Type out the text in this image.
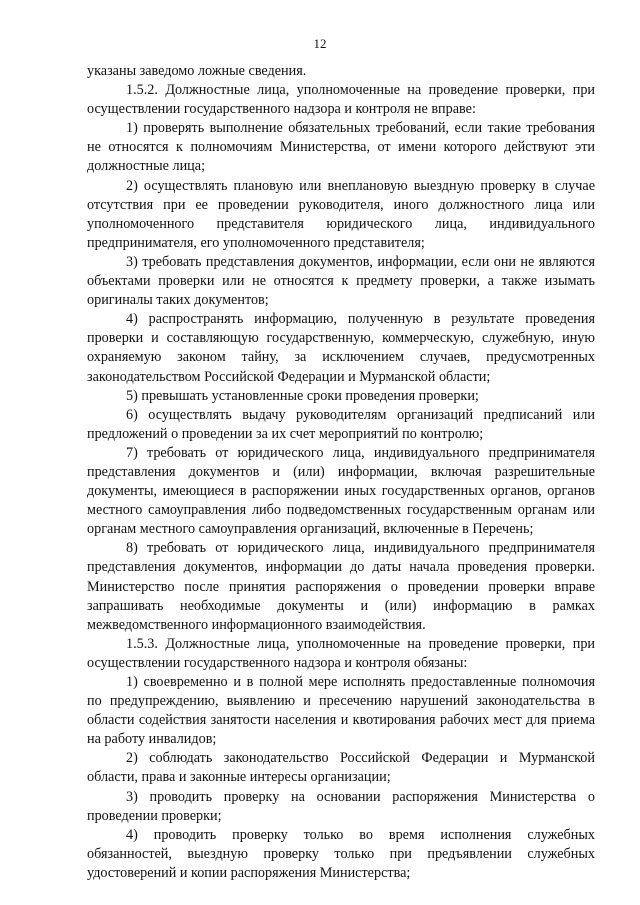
12

указаны заведомо ложные сведения.

1.5.2. Должностные лица, уполномоченные на проведение проверки, при осуществлении государственного надзора и контроля не вправе:

1) проверять выполнение обязательных требований, если такие требования не относятся к полномочиям Министерства, от имени которого действуют эти должностные лица;

2) осуществлять плановую или внеплановую выездную проверку в случае отсутствия при ее проведении руководителя, иного должностного лица или уполномоченного представителя юридического лица, индивидуального предпринимателя, его уполномоченного представителя;

3) требовать представления документов, информации, если они не являются объектами проверки или не относятся к предмету проверки, а также изымать оригиналы таких документов;

4) распространять информацию, полученную в результате проведения проверки и составляющую государственную, коммерческую, служебную, иную охраняемую законом тайну, за исключением случаев, предусмотренных законодательством Российской Федерации и Мурманской области;

5) превышать установленные сроки проведения проверки;

6) осуществлять выдачу руководителям организаций предписаний или предложений о проведении за их счет мероприятий по контролю;

7) требовать от юридического лица, индивидуального предпринимателя представления документов и (или) информации, включая разрешительные документы, имеющиеся в распоряжении иных государственных органов, органов местного самоуправления либо подведомственных государственным органам или органам местного самоуправления организаций, включенные в Перечень;

8) требовать от юридического лица, индивидуального предпринимателя представления документов, информации до даты начала проведения проверки. Министерство после принятия распоряжения о проведении проверки вправе запрашивать необходимые документы и (или) информацию в рамках межведомственного информационного взаимодействия.

1.5.3. Должностные лица, уполномоченные на проведение проверки, при осуществлении государственного надзора и контроля обязаны:

1) своевременно и в полной мере исполнять предоставленные полномочия по предупреждению, выявлению и пресечению нарушений законодательства в области содействия занятости населения и квотирования рабочих мест для приема на работу инвалидов;

2) соблюдать законодательство Российской Федерации и Мурманской области, права и законные интересы организации;

3) проводить проверку на основании распоряжения Министерства о проведении проверки;

4) проводить проверку только во время исполнения служебных обязанностей, выездную проверку только при предъявлении служебных удостоверений и копии распоряжения Министерства;
